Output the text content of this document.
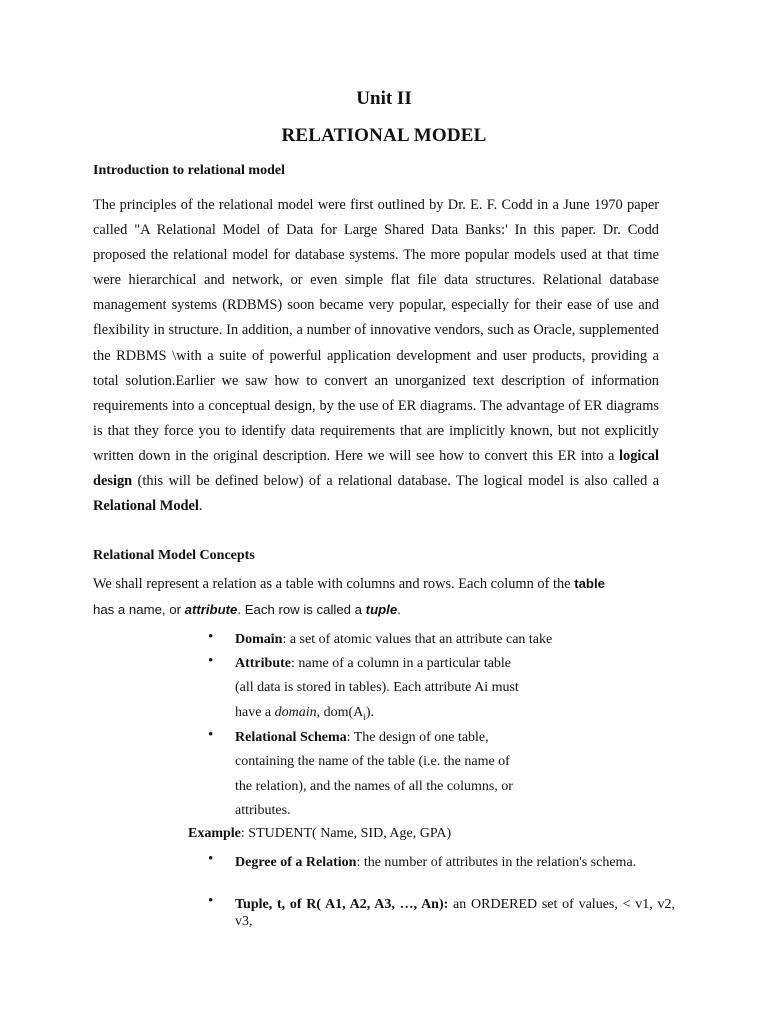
Unit II
RELATIONAL MODEL
Introduction to relational model

The principles of the relational model were first outlined by Dr. E. F. Codd in a June 1970 paper called "A Relational Model of Data for Large Shared Data Banks:' In this paper. Dr. Codd proposed the relational model for database systems. The more popular models used at that time were hierarchical and network, or even simple flat file data structures. Relational database management systems (RDBMS) soon became very popular, especially for their ease of use and flexibility in structure. In addition, a number of innovative vendors, such as Oracle, supplemented the RDBMS \with a suite of powerful application development and user products, providing a total solution.Earlier we saw how to convert an unorganized text description of information requirements into a conceptual design, by the use of ER diagrams. The advantage of ER diagrams is that they force you to identify data requirements that are implicitly known, but not explicitly written down in the original description. Here we will see how to convert this ER into a logical design (this will be defined below) of a relational database. The logical model is also called a Relational Model.

Relational Model Concepts

We shall represent a relation as a table with columns and rows. Each column of the table
has a name, or attribute. Each row is called a tuple.

• Domain: a set of atomic values that an attribute can take
• Attribute: name of a column in a particular table
(all data is stored in tables). Each attribute Ai must
have a domain, $dom(A_i)$.
• Relational Schema: The design of one table,
containing the name of the table (i.e. the name of
the relation), and the names of all the columns, or
attributes.
Example: STUDENT( Name, SID, Age, GPA)
• Degree of a Relation: the number of attributes in the relation's schema.
• Tuple, t, of R( A1, A2, A3, …, An): an ORDERED set of values, < v1, v2, v3,
